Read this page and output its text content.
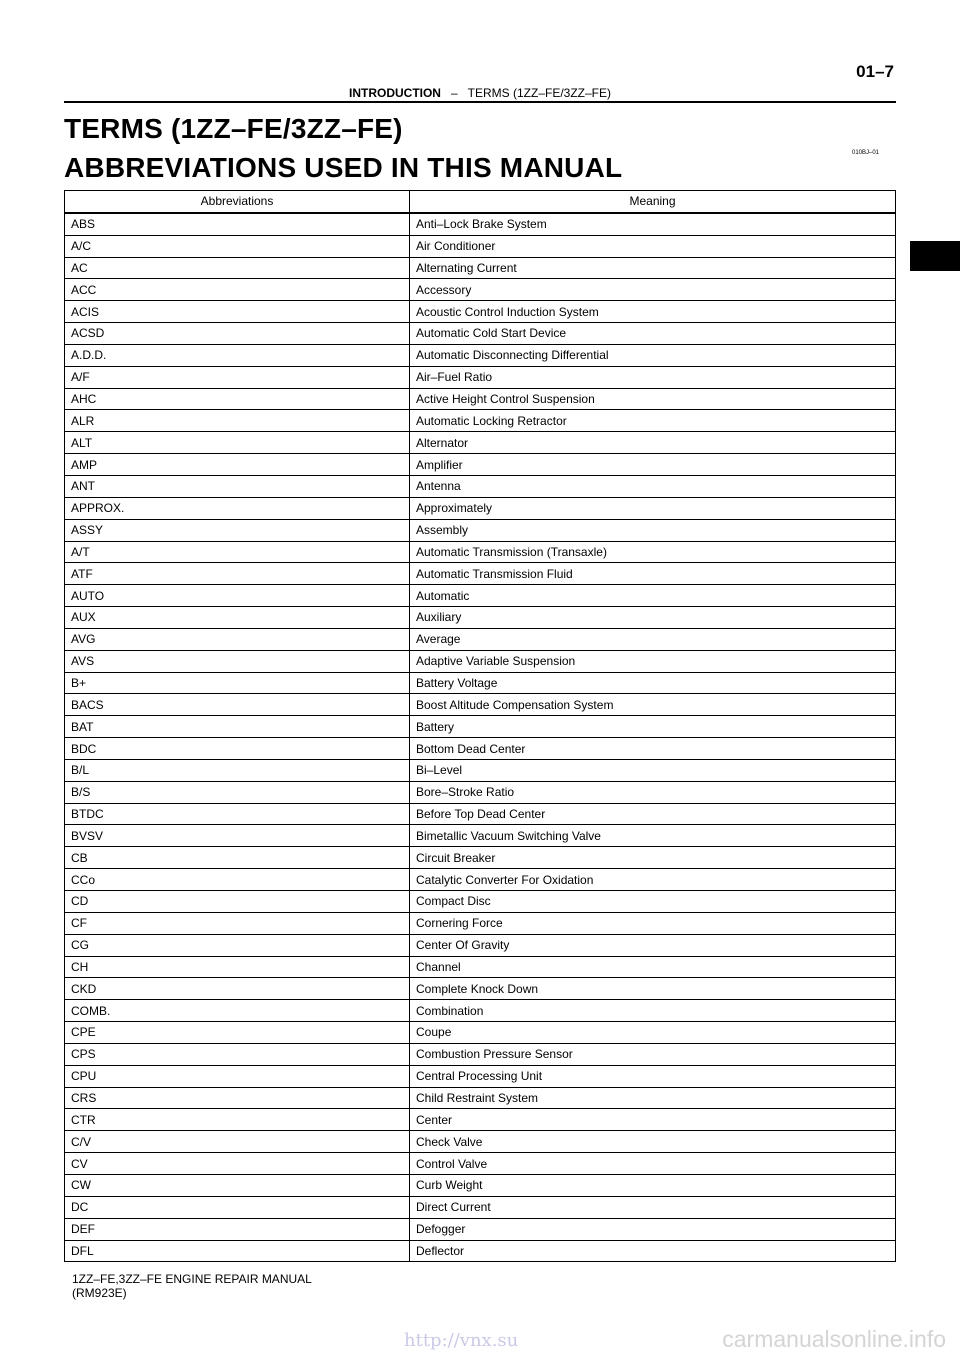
INTRODUCTION – TERMS (1ZZ–FE/3ZZ–FE)
01–7
TERMS (1ZZ–FE/3ZZ–FE)
ABBREVIATIONS USED IN THIS MANUAL	010BJ–01
Abbreviations	Meaning
ABS	Anti–Lock Brake System
A/C	Air Conditioner
AC	Alternating Current
ACC	Accessory
ACIS	Acoustic Control Induction System
ACSD	Automatic Cold Start Device
A.D.D.	Automatic Disconnecting Differential
A/F	Air–Fuel Ratio
AHC	Active Height Control Suspension
ALR	Automatic Locking Retractor
ALT	Alternator
AMP	Amplifier
ANT	Antenna
APPROX.	Approximately
ASSY	Assembly
A/T	Automatic Transmission (Transaxle)
ATF	Automatic Transmission Fluid
AUTO	Automatic
AUX	Auxiliary
AVG	Average
AVS	Adaptive Variable Suspension
B+	Battery Voltage
BACS	Boost Altitude Compensation System
BAT	Battery
BDC	Bottom Dead Center
B/L	Bi–Level
B/S	Bore–Stroke Ratio
BTDC	Before Top Dead Center
BVSV	Bimetallic Vacuum Switching Valve
CB	Circuit Breaker
CCo	Catalytic Converter For Oxidation
CD	Compact Disc
CF	Cornering Force
CG	Center Of Gravity
CH	Channel
CKD	Complete Knock Down
COMB.	Combination
CPE	Coupe
CPS	Combustion Pressure Sensor
CPU	Central Processing Unit
CRS	Child Restraint System
CTR	Center
C/V	Check Valve
CV	Control Valve
CW	Curb Weight
DC	Direct Current
DEF	Defogger
DFL	Deflector
1ZZ–FE,3ZZ–FE ENGINE REPAIR MANUAL
(RM923E)
http://vnx.su	carmanualsonline.info
